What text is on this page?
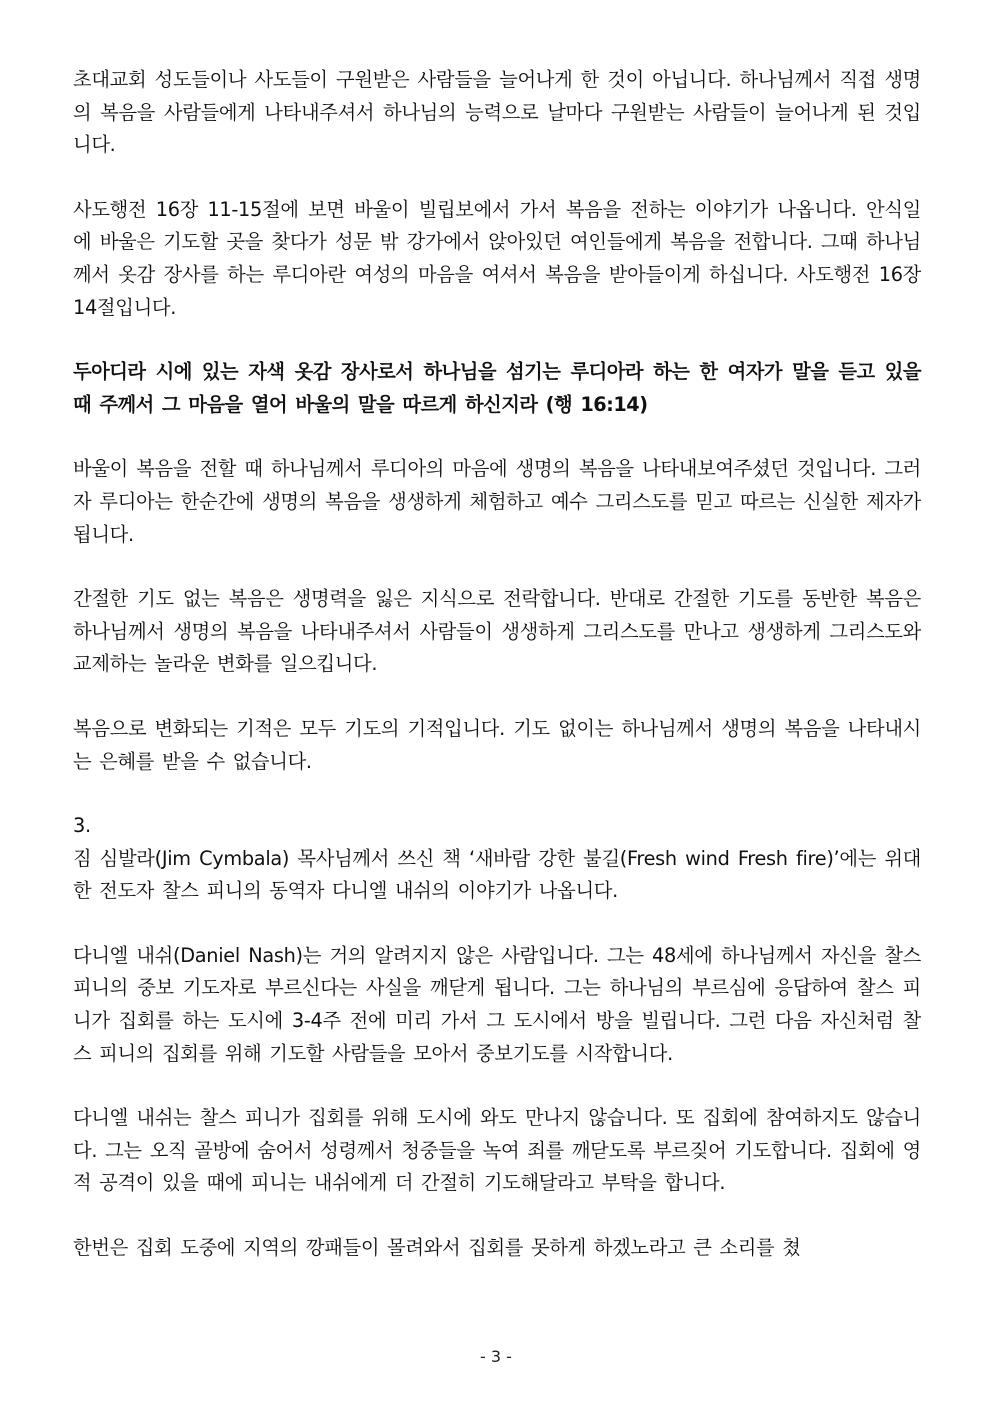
초대교회 성도들이나 사도들이 구원받은 사람들을 늘어나게 한 것이 아닙니다. 하나님께서 직접 생명의 복음을 사람들에게 나타내주셔서 하나님의 능력으로 날마다 구원받는 사람들이 늘어나게 된 것입니다.

사도행전 16장 11-15절에 보면 바울이 빌립보에서 가서 복음을 전하는 이야기가 나옵니다. 안식일에 바울은 기도할 곳을 찾다가 성문 밖 강가에서 앉아있던 여인들에게 복음을 전합니다. 그때 하나님께서 옷감 장사를 하는 루디아란 여성의 마음을 여셔서 복음을 받아들이게 하십니다. 사도행전 16장 14절입니다.

두아디라 시에 있는 자색 옷감 장사로서 하나님을 섬기는 루디아라 하는 한 여자가 말을 듣고 있을 때 주께서 그 마음을 열어 바울의 말을 따르게 하신지라 (행 16:14)

바울이 복음을 전할 때 하나님께서 루디아의 마음에 생명의 복음을 나타내보여주셨던 것입니다. 그러자 루디아는 한순간에 생명의 복음을 생생하게 체험하고 예수 그리스도를 믿고 따르는 신실한 제자가 됩니다.

간절한 기도 없는 복음은 생명력을 잃은 지식으로 전락합니다. 반대로 간절한 기도를 동반한 복음은 하나님께서 생명의 복음을 나타내주셔서 사람들이 생생하게 그리스도를 만나고 생생하게 그리스도와 교제하는 놀라운 변화를 일으킵니다.

복음으로 변화되는 기적은 모두 기도의 기적입니다. 기도 없이는 하나님께서 생명의 복음을 나타내시는 은혜를 받을 수 없습니다.

3.

짐 심발라(Jim Cymbala) 목사님께서 쓰신 책 ‘새바람 강한 불길(Fresh wind Fresh fire)’에는 위대한 전도자 찰스 피니의 동역자 다니엘 내쉬의 이야기가 나옵니다.

다니엘 내쉬(Daniel Nash)는 거의 알려지지 않은 사람입니다. 그는 48세에 하나님께서 자신을 찰스 피니의 중보 기도자로 부르신다는 사실을 깨닫게 됩니다. 그는 하나님의 부르심에 응답하여 찰스 피니가 집회를 하는 도시에 3-4주 전에 미리 가서 그 도시에서 방을 빌립니다. 그런 다음 자신처럼 찰스 피니의 집회를 위해 기도할 사람들을 모아서 중보기도를 시작합니다.

다니엘 내쉬는 찰스 피니가 집회를 위해 도시에 와도 만나지 않습니다. 또 집회에 참여하지도 않습니다. 그는 오직 골방에 숨어서 성령께서 청중들을 녹여 죄를 깨닫도록 부르짖어 기도합니다. 집회에 영적 공격이 있을 때에 피니는 내쉬에게 더 간절히 기도해달라고 부탁을 합니다.

한번은 집회 도중에 지역의 깡패들이 몰려와서 집회를 못하게 하겠노라고 큰 소리를 쳤

- 3 -
